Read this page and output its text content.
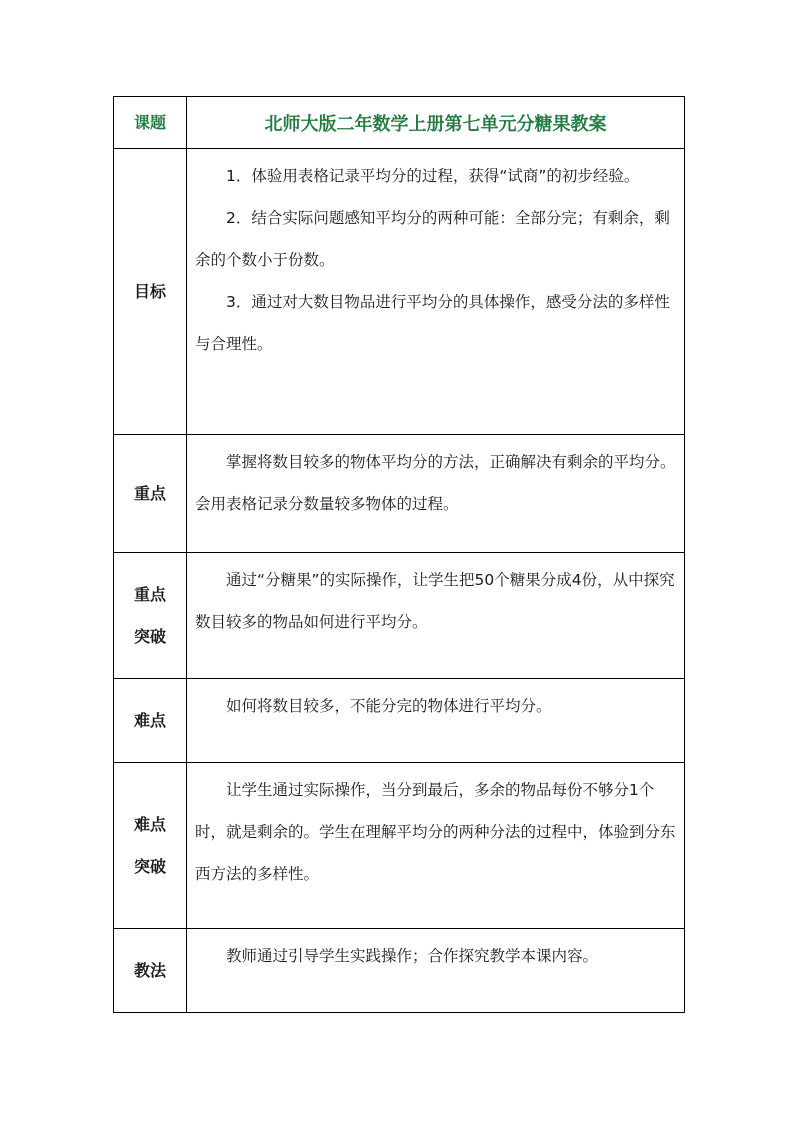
课题	北师大版二年数学上册第七单元分糖果教案

目标	1．体验用表格记录平均分的过程，获得“试商”的初步经验。

2．结合实际问题感知平均分的两种可能：全部分完；有剩余，剩余的个数小于份数。

3．通过对大数目物品进行平均分的具体操作，感受分法的多样性与合理性。

重点	掌握将数目较多的物体平均分的方法，正确解决有剩余的平均分。会用表格记录分数量较多物体的过程。

重点
突破	通过“分糖果”的实际操作，让学生把50个糖果分成4份，从中探究数目较多的物品如何进行平均分。

难点	如何将数目较多，不能分完的物体进行平均分。

难点
突破	让学生通过实际操作，当分到最后，多余的物品每份不够分1个时，就是剩余的。学生在理解平均分的两种分法的过程中，体验到分东西方法的多样性。

教法	教师通过引导学生实践操作；合作探究教学本课内容。
